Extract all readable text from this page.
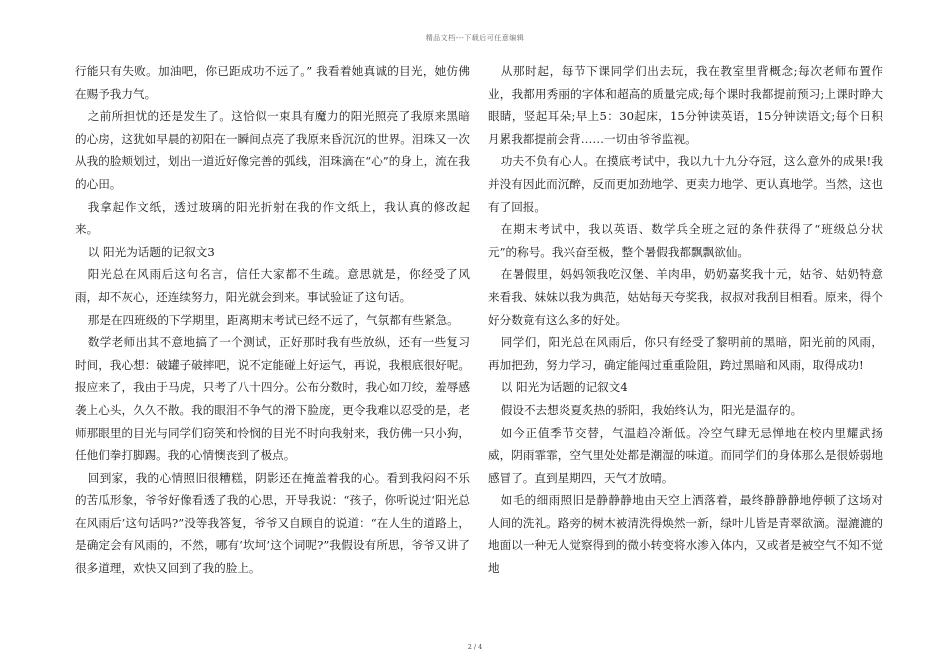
精品文档---下载后可任意编辑

行能只有失败。加油吧，你已距成功不远了。” 我看着她真诚的目光，她仿佛在赐予我力气。

之前所担忧的还是发生了。这恰似一束具有魔力的阳光照亮了我原来黑暗的心房，这犹如早晨的初阳在一瞬间点亮了我原来昏沉沉的世界。泪珠又一次从我的脸颊划过，划出一道近好像完善的弧线，泪珠滴在“心”的身上，流在我的心田。

我拿起作文纸，透过玻璃的阳光折射在我的作文纸上，我认真的修改起来。

以 阳光为话题的记叙文3

阳光总在风雨后这句名言，信任大家都不生疏。意思就是，你经受了风雨，却不灰心，还连续努力，阳光就会到来。事试验证了这句话。

那是在四班级的下学期里，距离期末考试已经不远了，气氛都有些紧急。

数学老师出其不意地搞了一个测试，正好那时我有些放纵，还有一些复习时间，我心想：破罐子破摔吧，说不定能碰上好运气，再说，我根底很好呢。报应来了，我由于马虎，只考了八十四分。公布分数时，我心如刀绞，羞辱感袭上心头，久久不散。我的眼泪不争气的滑下脸庞，更令我难以忍受的是，老师那眼里的目光与同学们窃笑和怜悯的目光不时向我射来，我仿佛一只小狗，任他们拳打脚踢。我的心情懊丧到了极点。

回到家，我的心情照旧很糟糕，阴影还在掩盖着我的心。看到我闷闷不乐的苦瓜形象，爷爷好像看透了我的心思，开导我说：“孩子，你听说过‘阳光总在风雨后’这句话吗?”没等我答复，爷爷又自顾自的说道：“在人生的道路上，是确定会有风雨的，不然，哪有‘坎坷’这个词呢?”我假设有所思，爷爷又讲了很多道理，欢快又回到了我的脸上。

从那时起，每节下课同学们出去玩，我在教室里背概念;每次老师布置作业，我都用秀丽的字体和超高的质量完成;每个课时我都提前预习;上课时睁大眼睛，竖起耳朵;早上5：30起床，15分钟读英语，15分钟读语文;每个日积月累我都提前会背……一切由爷爷监视。

功夫不负有心人。在摸底考试中，我以九十九分夺冠，这么意外的成果!我并没有因此而沉醉，反而更加劲地学、更卖力地学、更认真地学。当然，这也有了回报。

在期末考试中，我以英语、数学兵全班之冠的条件获得了“班级总分状元”的称号。我兴奋至极，整个暑假我都飘飘欲仙。

在暑假里，妈妈领我吃汉堡、羊肉串，奶奶嘉奖我十元，姑爷、姑奶特意来看我、妹妹以我为典范，姑姑每天夸奖我，叔叔对我刮目相看。原来，得个好分数竟有这么多的好处。

同学们，阳光总在风雨后，你只有经受了黎明前的黑暗，阳光前的风雨，再加把劲，努力学习，确定能闯过重重险阻，跨过黑暗和风雨，取得成功!

以 阳光为话题的记叙文4

假设不去想炎夏炙热的骄阳，我始终认为，阳光是温存的。

如今正值季节交替，气温趋冷渐低。冷空气肆无忌惮地在校内里耀武扬威，阴雨霏霏，空气里处处都是潮湿的味道。而同学们的身体那么是很娇弱地感冒了。直到星期四，天气才放晴。

如毛的细雨照旧是静静静地由天空上洒落着，最终静静静地停顿了这场对人间的洗礼。路旁的树木被清洗得焕然一新，绿叶儿皆是青翠欲滴。湿漉漉的地面以一种无人觉察得到的微小转变将水渗入体内，又或者是被空气不知不觉地

2 / 4
